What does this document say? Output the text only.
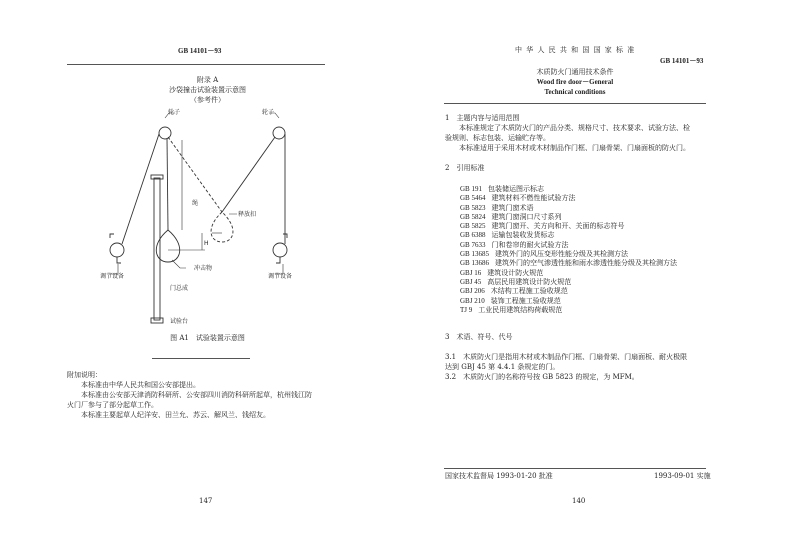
GB 14101－93
附录 A
沙袋撞击试验装置示意图
（参考件）
轮子	轮子
绳
释放扣
冲击物
调节设备	调节设备
门总成
试验台
H
图 A1　试验装置示意图
附加说明：
本标准由中华人民共和国公安部提出。
本标准由公安部天津消防科研所、公安部四川消防科研所起草，杭州钱江防
火门厂参与了部分起草工作。
本标准主要起草人纪洋安、田兰允、苏云、解风兰、钱绍友。
147
中 华 人 民 共 和 国 国 家 标 准
GB 14101－93
木质防火门通用技术条件
Wood fire door－General
Technical conditions
1　主题内容与适用范围
本标准规定了木质防火门的产品分类、规格尺寸、技术要求、试验方法、检
验规则、标志包装、运输贮存等。
本标准适用于采用木材或木材制品作门框、门扇骨架、门扇面板的防火门。
2　引用标准
GB 191 包装储运图示标志
GB 5464 建筑材料不燃性能试验方法
GB 5823 建筑门窗术语
GB 5824 建筑门窗洞口尺寸系列
GB 5825 建筑门窗开、关方向和开、关面的标志符号
GB 6388 运输包装收发货标志
GB 7633 门和卷帘的耐火试验方法
GB 13685 建筑外门的风压变形性能分级及其检测方法
GB 13686 建筑外门的空气渗透性能和雨水渗透性能分级及其检测方法
GBJ 16 建筑设计防火规范
GBJ 45 高层民用建筑设计防火规范
GBJ 206 木结构工程施工验收规范
GBJ 210 装饰工程施工验收规范
TJ 9 工业民用建筑结构荷载规范
3　术语、符号、代号
3.1　木质防火门是指用木材或木制品作门框、门扇骨架、门扇面板、耐火极限
达到 GBJ 45 第 4.4.1 条规定的门。
3.2　木质防火门的名称符号按 GB 5823 的规定，为 MFM。
国家技术监督局 1993-01-20 批准	1993-09-01 实施
140
